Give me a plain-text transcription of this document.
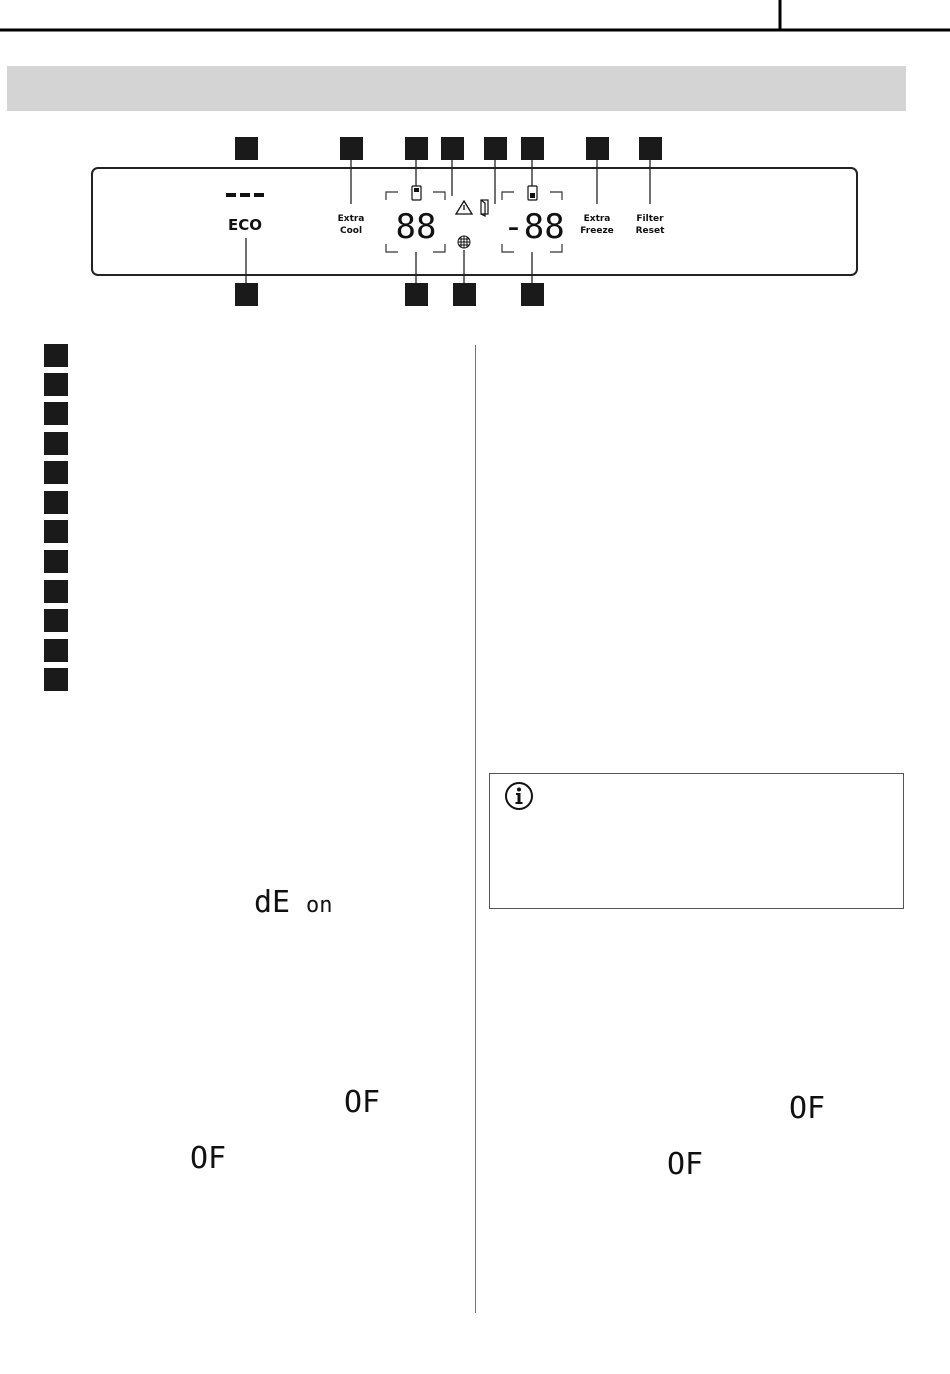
ECO	Extra
Cool 88 -88 Extra
Freeze
Filter
Reset
dE on
OF
OF
OF
OF
